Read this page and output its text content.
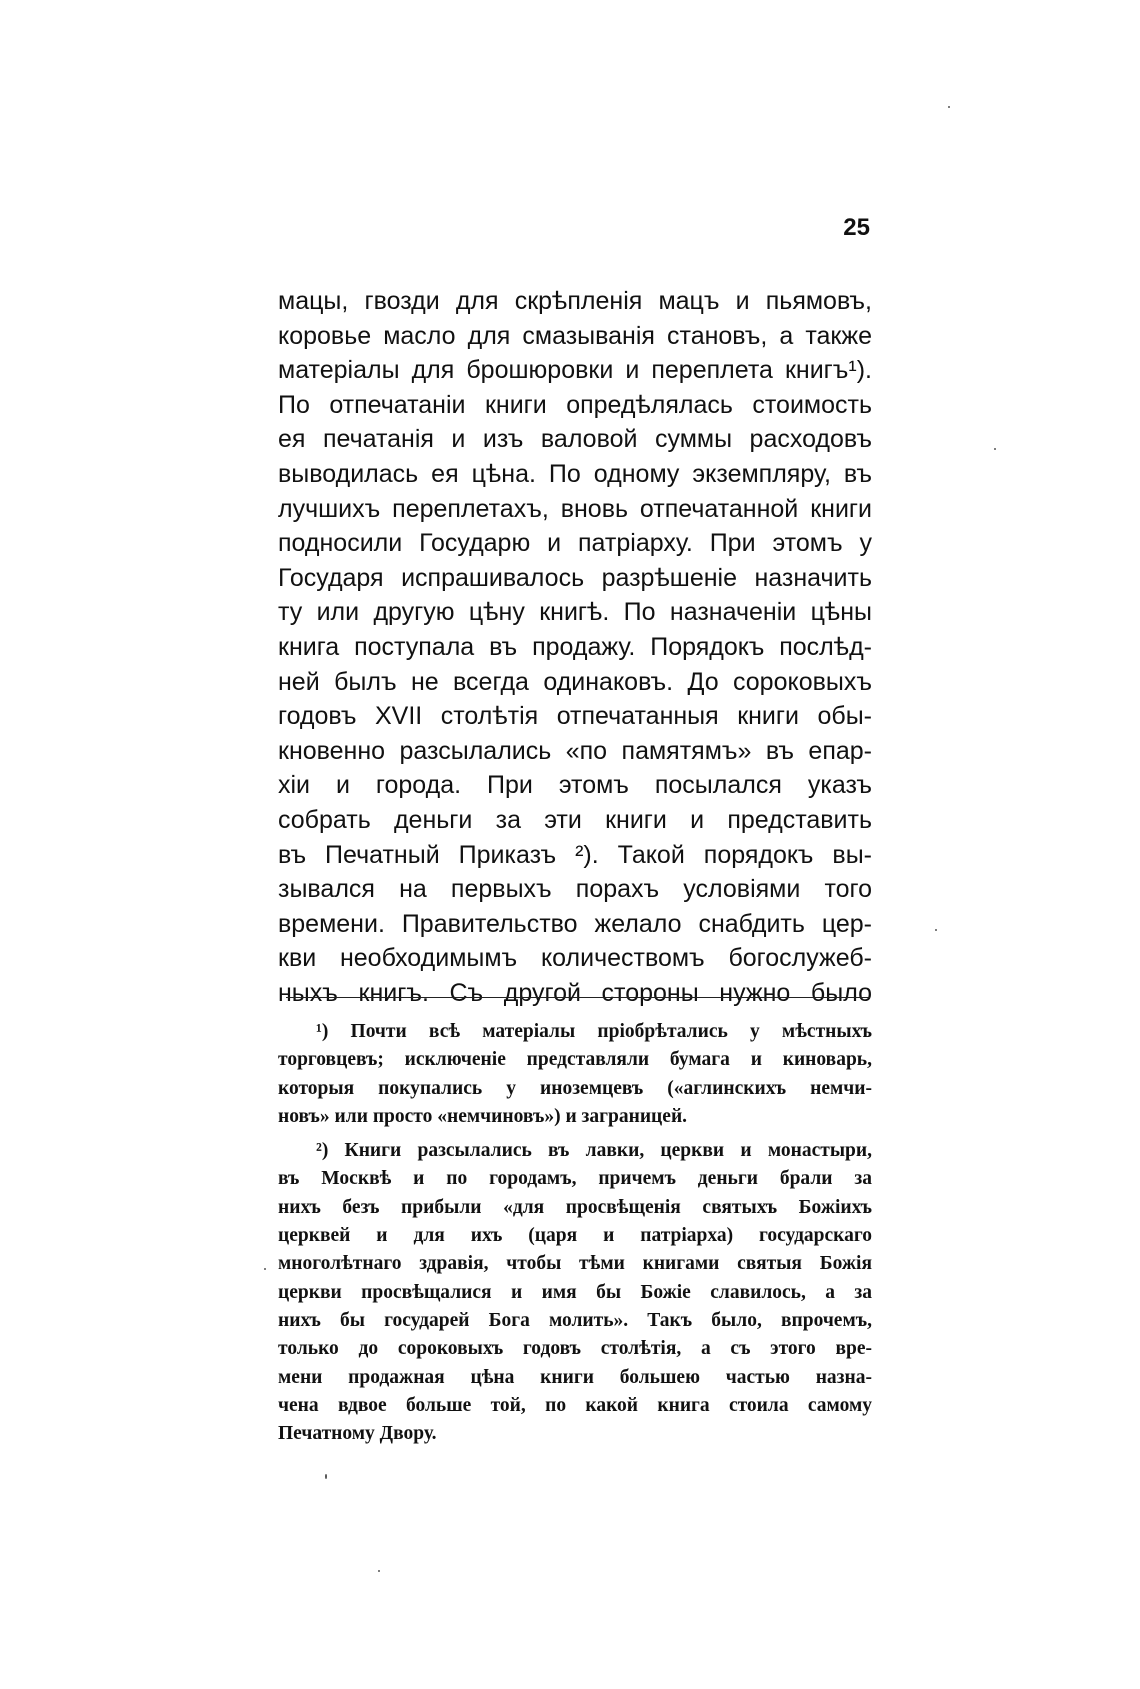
25
мацы, гвозди для скрѣпленія мацъ и пьямовъ,
коровье масло для смазыванія становъ, а также
матеріалы для брошюровки и переплета книгъ¹).
По отпечатаніи книги опредѣлялась стоимость
ея печатанія и изъ валовой суммы расходовъ
выводилась ея цѣна. По одному экземпляру, въ
лучшихъ переплетахъ, вновь отпечатанной книги
подносили Государю и патріарху. При этомъ у
Государя испрашивалось разрѣшеніе назначить
ту или другую цѣну книгѣ. По назначеніи цѣны
книга поступала въ продажу. Порядокъ послѣд-
ней былъ не всегда одинаковъ. До сороковыхъ
годовъ XVII столѣтія отпечатанныя книги обы-
кновенно разсылались «по памятямъ» въ епар-
хіи и города. При этомъ посылался указъ
собрать деньги за эти книги и представить
въ Печатный Приказъ ²). Такой порядокъ вы-
зывался на первыхъ порахъ условіями того
времени. Правительство желало снабдить цер-
кви необходимымъ количествомъ богослужеб-
ныхъ книгъ. Съ другой стороны нужно было
¹) Почти всѣ матеріалы пріобрѣтались у мѣстныхъ
торговцевъ; исключеніе представляли бумага и киноварь,
которыя покупались у иноземцевъ («аглинскихъ немчи-
новъ» или просто «немчиновъ») и заграницей.
²) Книги разсылались въ лавки, церкви и монастыри,
въ Москвѣ и по городамъ, причемъ деньги брали за
нихъ безъ прибыли «для просвѣщенія святыхъ Божіихъ
церквей и для ихъ (царя и патріарха) государскаго
многолѣтнаго здравія, чтобы тѣми книгами святыя Божія
церкви просвѣщалися и имя бы Божіе славилось, а за
нихъ бы государей Бога молить». Такъ было, впрочемъ,
только до сороковыхъ годовъ столѣтія, а съ этого вре-
мени продажная цѣна книги большею частью назна-
чена вдвое больше той, по какой книга стоила самому
Печатному Двору.
